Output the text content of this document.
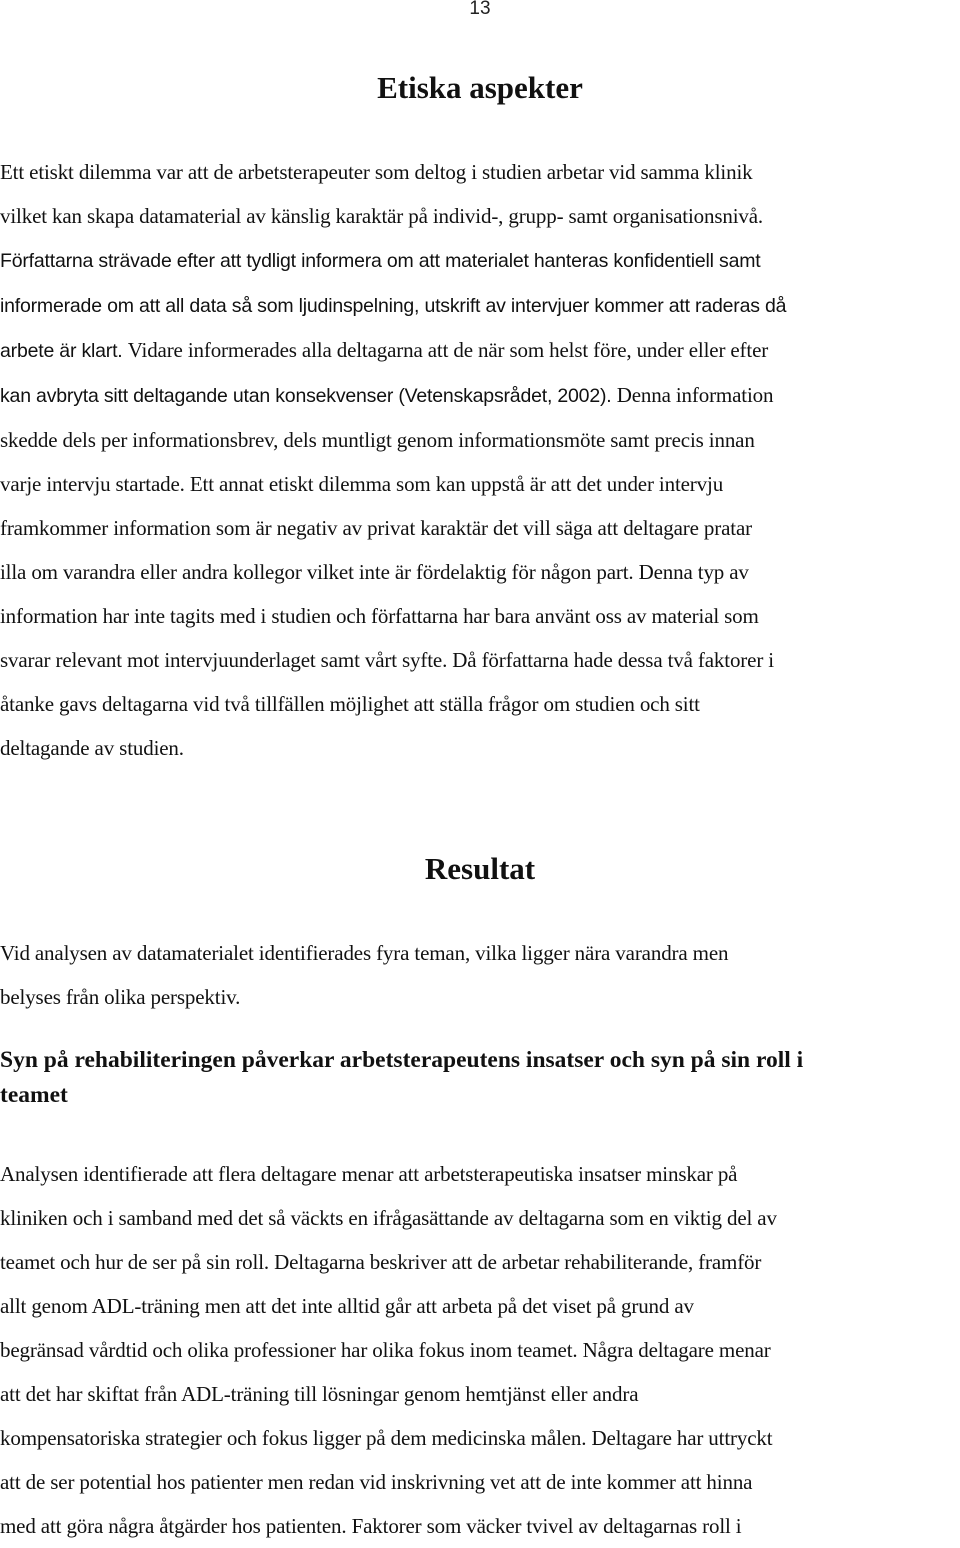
13
Etiska aspekter
Ett etiskt dilemma var att de arbetsterapeuter som deltog i studien arbetar vid samma klinik
vilket kan skapa datamaterial av känslig karaktär på individ-, grupp- samt organisationsnivå.
Författarna strävade efter att tydligt informera om att materialet hanteras konfidentiell samt
informerade om att all data så som ljudinspelning, utskrift av intervjuer kommer att raderas då
arbete är klart. Vidare informerades alla deltagarna att de när som helst före, under eller efter
kan avbryta sitt deltagande utan konsekvenser (Vetenskapsrådet, 2002). Denna information
skedde dels per informationsbrev, dels muntligt genom informationsmöte samt precis innan
varje intervju startade. Ett annat etiskt dilemma som kan uppstå är att det under intervju
framkommer information som är negativ av privat karaktär det vill säga att deltagare pratar
illa om varandra eller andra kollegor vilket inte är fördelaktig för någon part. Denna typ av
information har inte tagits med i studien och författarna har bara använt oss av material som
svarar relevant mot intervjuunderlaget samt vårt syfte. Då författarna hade dessa två faktorer i
åtanke gavs deltagarna vid två tillfällen möjlighet att ställa frågor om studien och sitt
deltagande av studien.
Resultat
Vid analysen av datamaterialet identifierades fyra teman, vilka ligger nära varandra men
belyses från olika perspektiv.
Syn på rehabiliteringen påverkar arbetsterapeutens insatser och syn på sin roll i
teamet
Analysen identifierade att flera deltagare menar att arbetsterapeutiska insatser minskar på
kliniken och i samband med det så väckts en ifrågasättande av deltagarna som en viktig del av
teamet och hur de ser på sin roll. Deltagarna beskriver att de arbetar rehabiliterande, framför
allt genom ADL-träning men att det inte alltid går att arbeta på det viset på grund av
begränsad vårdtid och olika professioner har olika fokus inom teamet. Några deltagare menar
att det har skiftat från ADL-träning till lösningar genom hemtjänst eller andra
kompensatoriska strategier och fokus ligger på dem medicinska målen. Deltagare har uttryckt
att de ser potential hos patienter men redan vid inskrivning vet att de inte kommer att hinna
med att göra några åtgärder hos patienten. Faktorer som väcker tvivel av deltagarnas roll i
